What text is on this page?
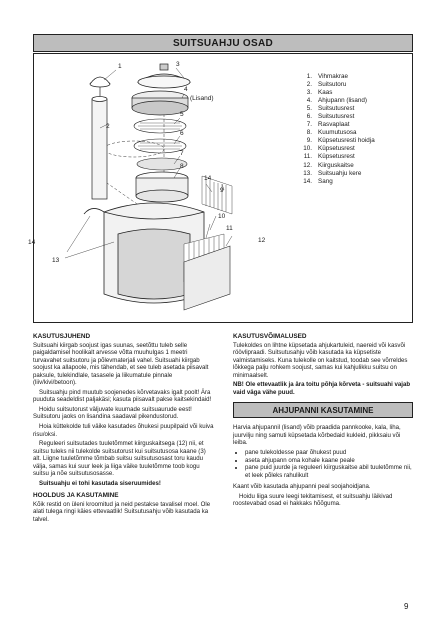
SUITSUAHJU OSAD
1
2
3
4
5
6
7
8
9
10
11
12
13
14
14
(Lisand)
1. Vihmakrae
2. Suitsutoru
3. Kaas
4. Ahjupann (lisand)
5. Suitsutusrest
6. Suitsutusrest
7. Rasvaplaat
8. Kuumutusosa
9. Küpsetusresti hoidja
10. Küpsetusrest
11. Küpsetusrest
12. Kiirguskaitse
13. Suitsuahju kere
14. Sang
KASUTUSJUHEND

Suitsuahi kiirgab soojust igas suunas, seetõttu tuleb selle paigaldamisel hoolikalt arvesse võtta muuhulgas 1 meetri turvavahet suitsutoru ja põlevmaterjali vahel. Suitsuahi kiirgab soojust ka allapoole, mis tähendab, et see tuleb asetada piisavalt paksule, tulekindlale, tasasele ja liikumatule pinnale (liiv/kivi/betoon).

Suitsuahju pind muutub soojenedes kõrvetavaks igalt poolt! Ära puuduta seadeldist paljakäsi; kasuta piisavalt pakse kaitsekindaid!

Hoidu suitsutorust väljuvate kuumade suitsuaurude eest! Suitsutoru jaoks on lisandina saadaval pikendustorud.

Hoia küttekolde tuli väike kasutades õhukesi puupilpaid või kuiva risu/oksi.

Reguleeri suitsutades tuuletõmmet kiirguskaitsega (12) nii, et suitsu tuleks nii tulekolde suitsutorust kui suitsutusosa kaane (3) alt. Liigne tuuletõmme tõmbab suitsu suitsutusosast toru kaudu välja, samas kui suur leek ja liiga väike tuuletõmme toob kogu suitsu ja nõe suitsutusosasse.

Suitsuahju ei tohi kasutada siseruumides!

HOOLDUS JA KASUTAMINE

Kõik restid on üleni kroomitud ja neid pestakse tavalisel moel. Ole alati tulega ringi käies ettevaatlik! Suitsutusahju võib kasutada ka talvel.

KASUTUSVÕIMALUSED

Tulekoldes on lihtne küpsetada ahjukartuleid, naereid või kasvõi röövlipraadi. Suitsutusahju võib kasutada ka küpsetiste valmistamiseks. Kuna tulekolle on kaitstud, toodab see võrreldes lõkkega palju rohkem soojust, samas kui kahjulikku suitsu on minimaalselt.

NB! Ole ettevaatlik ja ära toitu põhja kõrveta - suitsuahi vajab vaid väga vähe puud.

AHJUPANNI KASUTAMINE

Harvia ahjupannil (lisand) võib praadida pannkooke, kala, liha, juurvilju ning samuti küpsetada kõrbedaid kukleid, pikksaiu või leiba.

• pane tulekoldesse paar õhukest puud
• aseta ahjupann oma kohale kaane peale
• pane puid juurde ja reguleeri kiirguskaitse abil tuuletõmme nii, et leek põleks rahulikult

Kaant võib kasutada ahjupanni peal soojahoidjana.

Hoidu liiga suure leegi tekitamisest, et suitsuahju läikivad roostevabad osad ei hakkaks hõõguma.

9
